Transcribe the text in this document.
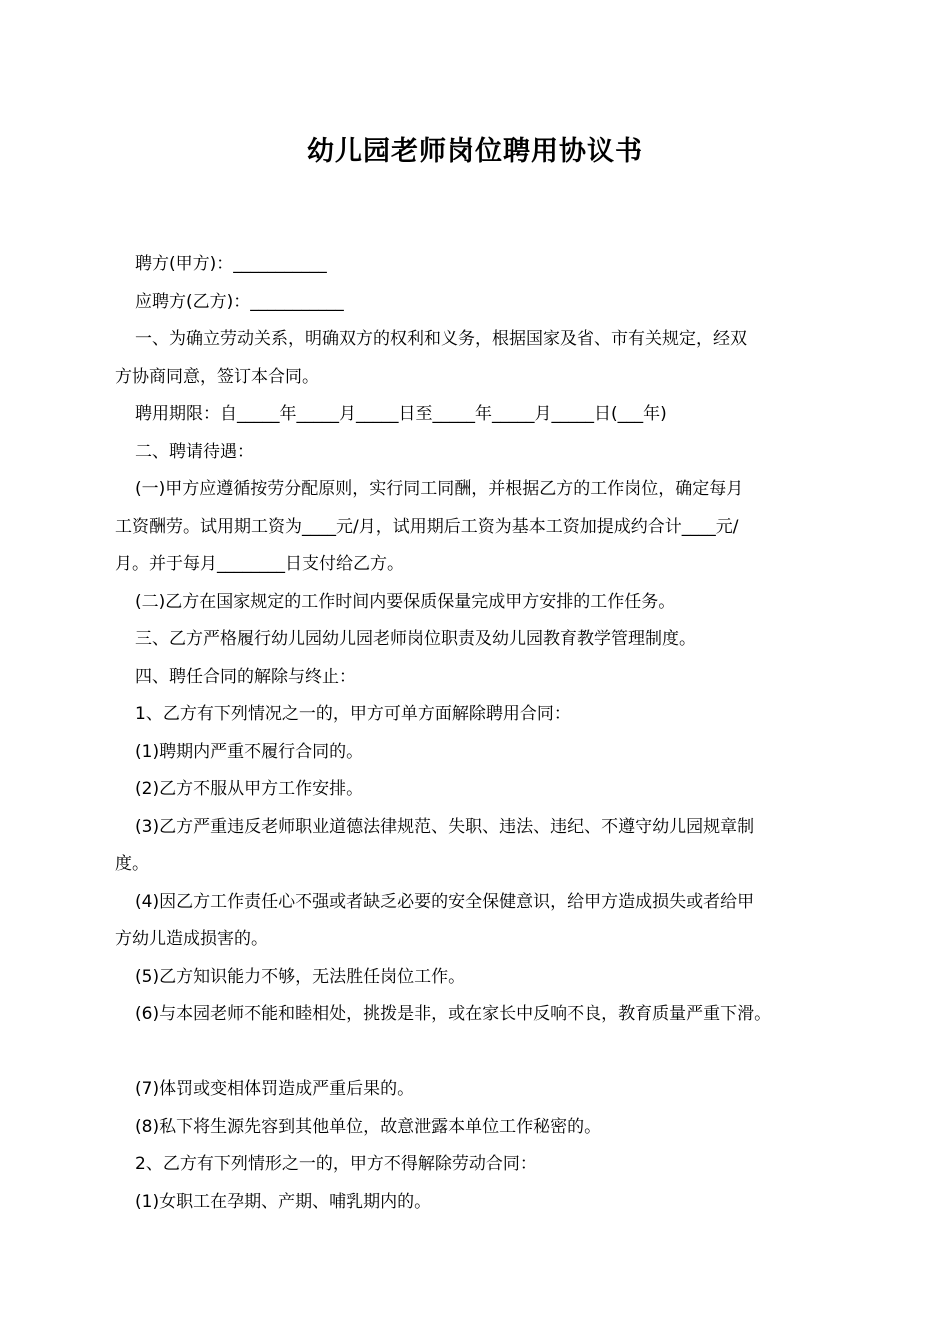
幼儿园老师岗位聘用协议书

聘方(甲方)：___________

应聘方(乙方)：___________

一、为确立劳动关系，明确双方的权利和义务，根据国家及省、市有关规定，经双

方协商同意，签订本合同。

聘用期限：自_____年_____月_____日至_____年_____月_____日(___年)

二、聘请待遇：

(一)甲方应遵循按劳分配原则，实行同工同酬，并根据乙方的工作岗位，确定每月

工资酬劳。试用期工资为____元/月，试用期后工资为基本工资加提成约合计____元/

月。并于每月________日支付给乙方。

(二)乙方在国家规定的工作时间内要保质保量完成甲方安排的工作任务。

三、乙方严格履行幼儿园幼儿园老师岗位职责及幼儿园教育教学管理制度。

四、聘任合同的解除与终止：

1、乙方有下列情况之一的，甲方可单方面解除聘用合同：

(1)聘期内严重不履行合同的。

(2)乙方不服从甲方工作安排。

(3)乙方严重违反老师职业道德法律规范、失职、违法、违纪、不遵守幼儿园规章制

度。

(4)因乙方工作责任心不强或者缺乏必要的安全保健意识，给甲方造成损失或者给甲

方幼儿造成损害的。

(5)乙方知识能力不够，无法胜任岗位工作。

(6)与本园老师不能和睦相处，挑拨是非，或在家长中反响不良，教育质量严重下滑。

(7)体罚或变相体罚造成严重后果的。

(8)私下将生源先容到其他单位，故意泄露本单位工作秘密的。

2、乙方有下列情形之一的，甲方不得解除劳动合同：

(1)女职工在孕期、产期、哺乳期内的。
